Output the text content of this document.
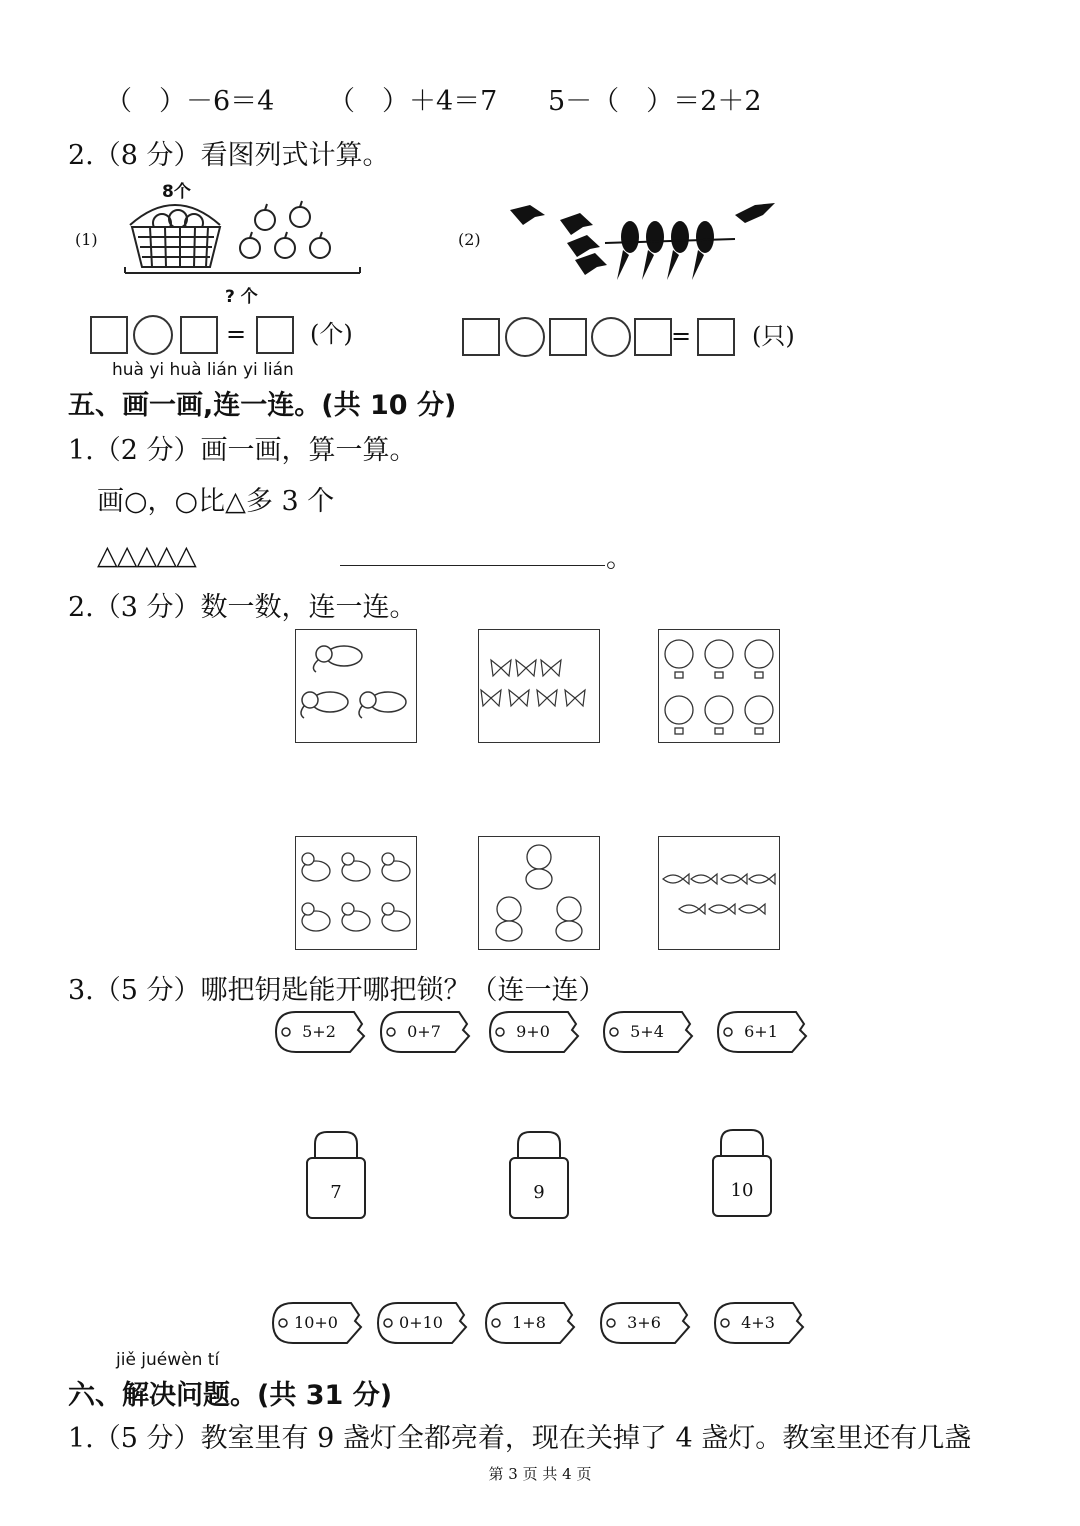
（　）－6＝4 （　）＋4＝7 5－（　）＝2＋2
2.（8 分）看图列式计算。
(1)
8个
? 个
(2)
=	(个)	=	(只)
huà yi huà lián yi lián
五、画一画,连一连。(共 10 分)
1.（2 分）画一画，算一算。
画○，○比△多 3 个
△△△△△	。
2.（3 分）数一数，连一连。
3.（5 分）哪把钥匙能开哪把锁？（连一连）
5+2	0+7	9+0	5+4	6+1
7	9	10
10+0	0+10	1+8	3+6	4+3
jiě juéwèn tí
六、解决问题。(共 31 分)
1.（5 分）教室里有 9 盏灯全都亮着，现在关掉了 4 盏灯。教室里还有几盏
第 3 页 共 4 页
